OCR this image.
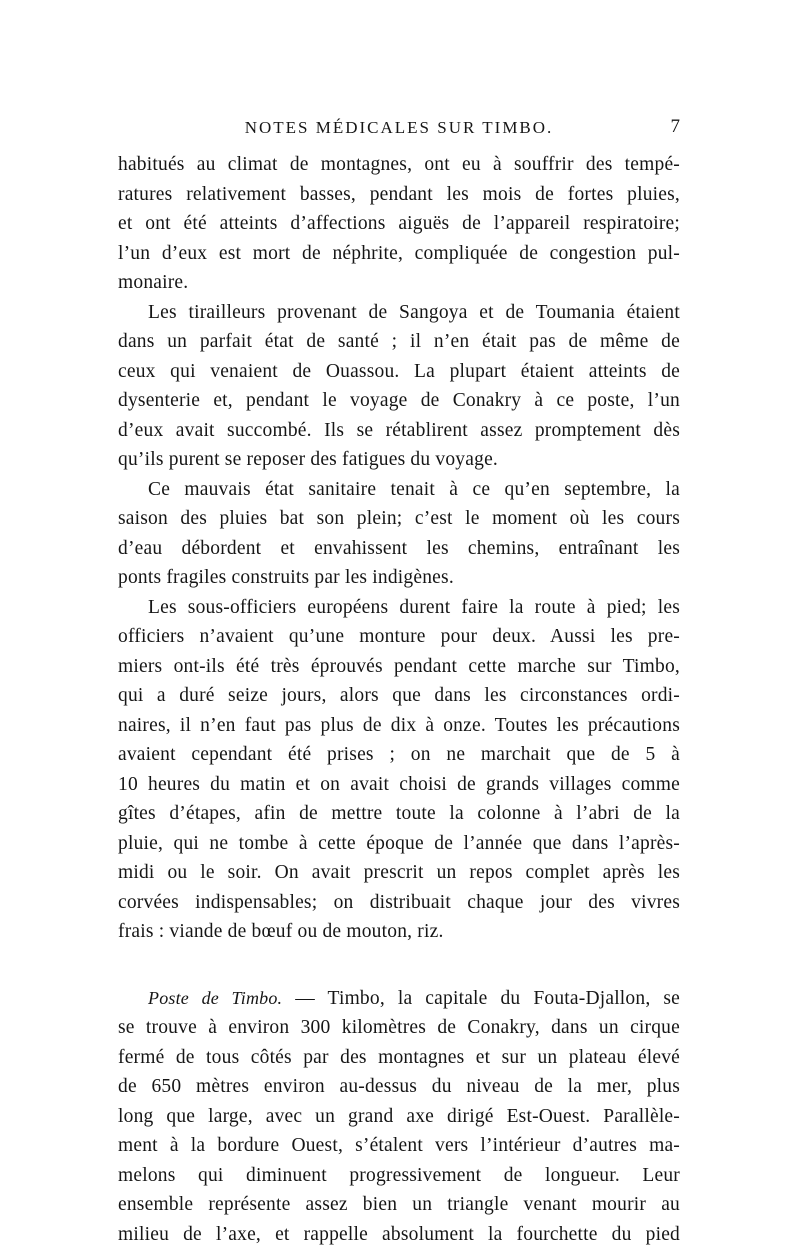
NOTES MÉDICALES SUR TIMBO.	7
habitués au climat de montagnes, ont eu à souffrir des tempé-
ratures relativement basses, pendant les mois de fortes pluies,
et ont été atteints d’affections aiguës de l’appareil respiratoire;
l’un d’eux est mort de néphrite, compliquée de congestion pul-
monaire.
Les tirailleurs provenant de Sangoya et de Toumania étaient
dans un parfait état de santé ; il n’en était pas de même de
ceux qui venaient de Ouassou. La plupart étaient atteints de
dysenterie et, pendant le voyage de Conakry à ce poste, l’un
d’eux avait succombé. Ils se rétablirent assez promptement dès
qu’ils purent se reposer des fatigues du voyage.
Ce mauvais état sanitaire tenait à ce qu’en septembre, la
saison des pluies bat son plein; c’est le moment où les cours
d’eau débordent et envahissent les chemins, entraînant les
ponts fragiles construits par les indigènes.
Les sous-officiers européens durent faire la route à pied; les
officiers n’avaient qu’une monture pour deux. Aussi les pre-
miers ont-ils été très éprouvés pendant cette marche sur Timbo,
qui a duré seize jours, alors que dans les circonstances ordi-
naires, il n’en faut pas plus de dix à onze. Toutes les précautions
avaient cependant été prises ; on ne marchait que de 5 à
10 heures du matin et on avait choisi de grands villages comme
gîtes d’étapes, afin de mettre toute la colonne à l’abri de la
pluie, qui ne tombe à cette époque de l’année que dans l’après-
midi ou le soir. On avait prescrit un repos complet après les
corvées indispensables; on distribuait chaque jour des vivres
frais : viande de bœuf ou de mouton, riz.
Poste de Timbo. — Timbo, la capitale du Fouta-Djallon, se
se trouve à environ 300 kilomètres de Conakry, dans un cirque
fermé de tous côtés par des montagnes et sur un plateau élevé
de 650 mètres environ au-dessus du niveau de la mer, plus
long que large, avec un grand axe dirigé Est-Ouest. Parallèle-
ment à la bordure Ouest, s’étalent vers l’intérieur d’autres ma-
melons qui diminuent progressivement de longueur. Leur
ensemble représente assez bien un triangle venant mourir au
milieu de l’axe, et rappelle absolument la fourchette du pied
